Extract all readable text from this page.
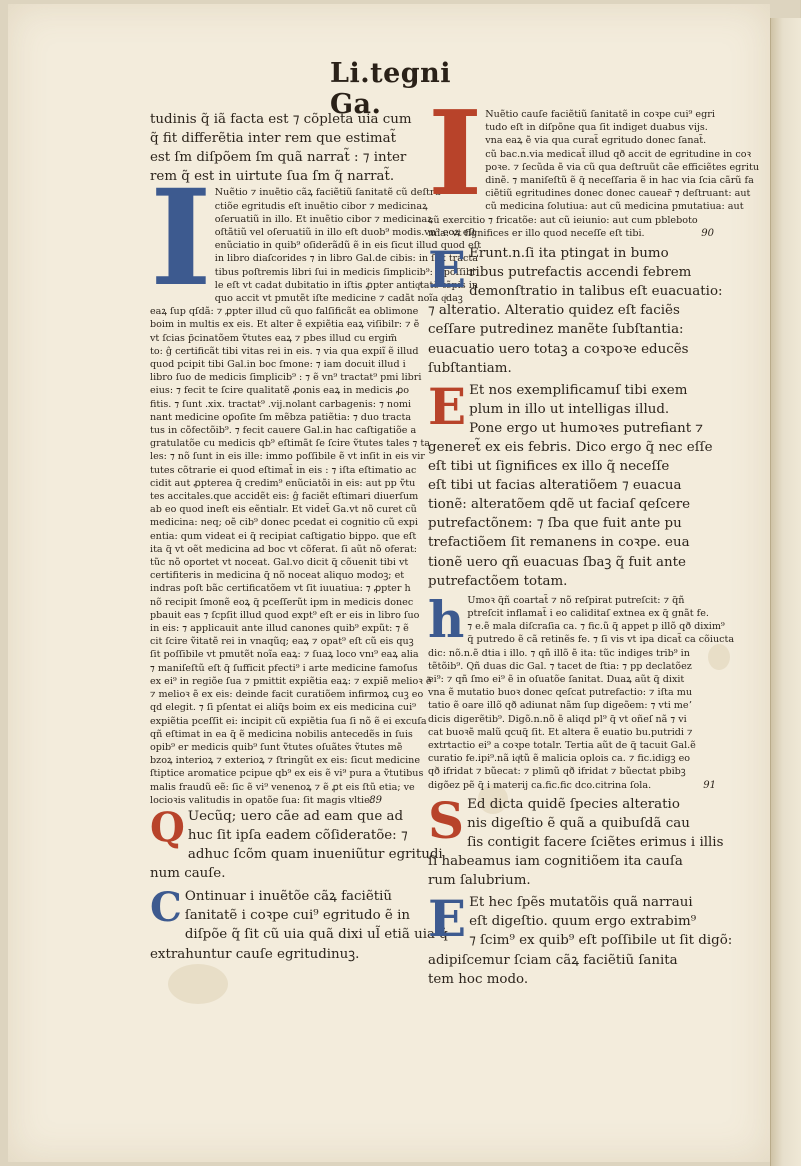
Li.tegni Ga.
tudinis q̃ iã facta est ⁊ cõpleta uia cum
q̃ fit differẽtia inter rem que estimat̃
est ſm diſpõem ſm quã narrat̃ : ⁊ inter
rem q̃ est in uirtute ſua ſm q̃ narrat̃.
I Nuẽtio ⁊ inuẽtio cãꝝ faciẽtiũ ſanitatẽ cũ deſtru
ctiõe egritudis eſt inuẽtio cibor ⁊ medicinaꝝ
oſeruatiũ in illo. Et inuẽtio cibor ⁊ medicinaꝝ
oſtãtiũ vel oſeruatiũ in illo eſt duob⁹ modis.vn⁹ eoꝝ eſt
enũciatio in quib⁹ oſiderãdũ ẽ in eis ſicut illud quod eſt
in libro diaſcorides ⁊ in libro Gal.de cibis: in ſex tracta
tibus poſtremis libri ſui in medicis ſimplicib⁹: ⁊ poſſibi
le eſt vt cadat dubitatio in iſtis ꝓpter antiqͣtatẽ tẽpis in
quo accit vt pmutẽt iſte medicine ⁊ cadãt noĩa qͥdaꝫ
eaꝝ ſup qſdã: ⁊ ꝓpter illud cũ quo falſificãt ea oblimone
boim in multis ex eis. Et alter ẽ expiẽtia eaꝝ viſibilr: ⁊ ẽ
vt ſcias p̃cinatõem ṽtutes eaꝝ ⁊ pbes illud cu ergim̃
to: ĝ certificãt tibi vitas rei in eis. ⁊ via qua expiĩ ẽ illud
quod pcipit tibi Gal.in boc ſmone: ⁊ iam docuit illud i
libro ſuo de medicis ſimplicib⁹ : ⁊ ẽ vn⁹ tractat⁹ pmi libri
eius: ⁊ fecit te ſcire qualitatẽ ꝓonis eaꝝ in medicis ꝓo
fitis. ⁊ ſunt .xix. tractat⁹ .vij.nolant carbagenis: ⁊ nomi
nant medicine oꝑoſite ſm mẽbza patiẽtia: ⁊ duo tracta
tus in cõfectõib⁹. ⁊ fecit cauere Gal.in hac caſtigatiõe a
gratulatõe cu medicis qb⁹ eſtimãt ſe ſcire ṽtutes tales ⁊ ta
les: ⁊ nõ ſunt in eis ille: immo poſſibile ẽ vt inſit in eis vir
tutes cõtrarie ei quod eſtimat̃ in eis : ⁊ iſta eſtimatio ac
cidit aut ꝓpterea q̃ credim⁹ enũciatõi in eis: aut pp ṽtu
tes accitales.que accidẽt eis: ĝ faciẽt eſtimari diuerſum
ab eo quod ineſt eis eẽntialr. Et videt̃ Ga.vt nõ curet cũ
medicina: neq; oẽ cib⁹ donec pcedat ei cognitio cũ expi
entia: qum videat ei q̃ recipiat caſtigatio bippo. que eſt
ita q̃ vt oẽt medicina ad boc vt cõferat. ſi aũt nõ oferat:
tũc nõ oportet vt noceat. Gal.vo dicit q̃ cõuenit tibi vt
certifiteris in medicina q̃ nõ noceat aliquo modoꝫ; et
indras poſt bãc certificatõem vt ſit iuuatiua: ⁊ ꝓpter h
nõ recipit ſmonẽ eoꝝ q̃ pceſſerũt ipm in medicis donec
pbauit eas ⁊ ſcpſit illud quod expt⁹ eſt er eis in libro ſuo
in eis: ⁊ applicauit ante illud canones quib⁹ expũt: ⁊ ẽ
cit ſcire ṽitatẽ rei in vnaqũq; eaꝝ ⁊ opat⁹ eſt cũ eis quꝫ
ſit poſſibile vt pmutẽt noĩa eaꝝ: ⁊ ſuaꝝ loco vnı⁹ eaꝝ alia
⁊ maniſeſtũ eſt q̃ ſufficit pfecti⁹ i arte medicine famoſus
ex ei⁹ in regiõe ſua ⁊ pmittit expiẽtia eaꝝ: ⁊ expiẽ melioꝛ ẽ
⁊ melioꝛ ẽ ex eis: deinde facit curatiõem infirmoꝝ cuꝫ eo
qd elegit. ⁊ ſi pſentat ei aliq̃s boim ex eis medicina cui⁹
expiẽtia pceſſit ei: incipit cũ expiẽtia ſua ſi nõ ẽ ei excuſa
qñ eſtimat in ea q̃ ẽ medicina nobilis antecedẽs in ſuis
opib⁹ er medicis quib⁹ ſunt ṽtutes oſuãtes ṽtutes mẽ
bzoꝝ interioꝝ ⁊ exterioꝝ ⁊ ſtringũt ex eis: ſicut medicine
ſtiptice aromatice pcipue qb⁹ ex eis ẽ vi⁹ pura a ṽtutibus
malis fraudũ eẽ: ſic ẽ vi⁹ venenoꝝ ⁊ ẽ ꝓt eis ſtũ etia; ve
locioꝛis valitudis in opatõe ſua: ſit magis vltie.
89
Q Uecũq; uero cãe ad eam que ad
huc ſit ipſa eadem cõſideratõe: ⁊
adhuc ſcõm quam inueniũtur egritudi
num cauſe.
C Ontinuar i inuẽtõe cãꝝ faciẽtiũ
ſanitatẽ i coꝛpe cui⁹ egritudo ẽ in
diſpõe q̃ ſit cũ uia quã dixi ul̃ etiã uia q̃
extrahuntur cauſe egritudinuꝫ.
I Nuẽtio cauſe faciẽtiũ ſanitatẽ in coꝛpe cui⁹ egri
tudo eſt in diſpõne qua ſit indiget duabus vijs.
vna eaꝝ ẽ via qua curat̃ egritudo donec ſanat̃.
cũ bac.n.via medicat̃ illud qð accit de egritudine in coꝛ
poꝛe. ⁊ ſecũda ẽ via cũ qua deſtruũt cãe efficiẽtes egritu
dinẽ. ⁊ maniſeſtũ ẽ q̃ neceſſaria ẽ in hac via ſcia cãrũ fa
ciẽtiũ egritudines donec donec cauear̃ ⁊ deſtruant: aut
cũ medicina ſolutiua: aut cũ medicina pmutatiua: aut
cũ exercitio ⁊ fricatõe: aut cũ ieiunio: aut cum pbleboto
mia: vt ſignifices er illo quod neceſſe eſt tibi.	90
E Erunt.n.ſi ita ptingat in bumo
ribus putrefactis accendi febrem
demonſtratio in talibus eſt euacuatio:
⁊ alteratio. Alteratio quidez eſt faciẽs
ceſſare putredinez manẽte ſubſtantia:
euacuatio uero totaꝫ a coꝛpoꝛe educẽs
ſubſtantiam.
E Et nos exemplificamuſ tibi exem
plum in illo ut intelligas illud.
Pone ergo ut humoꝛes putrefiant ⁊
generet̃ ex eis febris. Dico ergo q̃ nec eſſe
eſt tibi ut ſignifices ex illo q̃ neceſſe
eſt tibi ut facias alteratiõem ⁊ euacua
tionẽ: alteratõem qdẽ ut faciaſ qeſcere
putrefactõnem: ⁊ ſba que fuit ante pu
trefactiõem ſit remanens in coꝛpe. eua
tionẽ uero qñ euacuas ſbaꝫ q̃ fuit ante
putrefactõem totam.
h Umoꝛ q̃ñ coartat̃ ⁊ nõ reſpirat putreſcit: ⁊ q̃ñ
ptreſcit inflamat̃ i eo caliditaſ extnea ex q̃ gnãt fe.
⁊ e.ẽ mala diſcraſia ca. ⁊ fic.ũ q̃ appet p illõ qð dixim⁹
q̃ putredo ẽ cã retinẽs fe. ⁊ ſi vis vt ipa dicat̃ ca cõiucta
dic: nõ.n.ẽ dtia i illo. ⁊ qñ illõ ẽ ita: tũc indiges trib⁹ in
tẽtõib⁹. Qñ duas dic Gal. ⁊ tacet de ſtia: ⁊ pp declatõez
ei⁹: ⁊ qñ ſmo ei⁹ ẽ in oſuatõe ſanitat. Duaꝝ aũt q̃ dixit
vna ẽ mutatio buoꝛ donec qeſcat putrefactio: ⁊ iſta mu
tatio ẽ oare illõ qð adiunat nãm ſup digeõem: ⁊ vti meʼ
dicis digerẽtib⁹. Digõ.n.nõ ẽ aliqd pl⁹ q̃ vt oñeſ nã ⁊ vi
cat buoꝛẽ malũ qcuq̃ ſit. Et altera ẽ euatio bu.putridi ⁊
extrtactio ei⁹ a coꝛpe totalr. Tertia aũt de q̃ tacuit Gal.ẽ
curatio fe.ipi⁹.nã iqͥtũ ẽ malicia oplois ca. ⁊ fic.idigꝫ eo
qð ifridat ⁊ bũecat: ⁊ plimũ qð ifridat ⁊ bũectat pbibꝫ
digõez pẽ q̃ i materij ca.fic.fic dco.citrina ſola.	91
S Ed dicta quidẽ ſpecies alteratio
nis digeſtio ẽ quã a quibuſdã cau
ſis contigit facere ſciẽtes erimus i illis
ſi habeamus iam cognitiõem ita cauſa
rum ſalubrium.
E Et hec ſpẽs mutatõis quã narraui
eſt digeſtio. quum ergo extrabim⁹
⁊ ſcim⁹ ex quib⁹ eſt poſſibile ut ſit digõ:
adipiſcemur ſciam cãꝝ faciẽtiũ ſanita
tem hoc modo.
